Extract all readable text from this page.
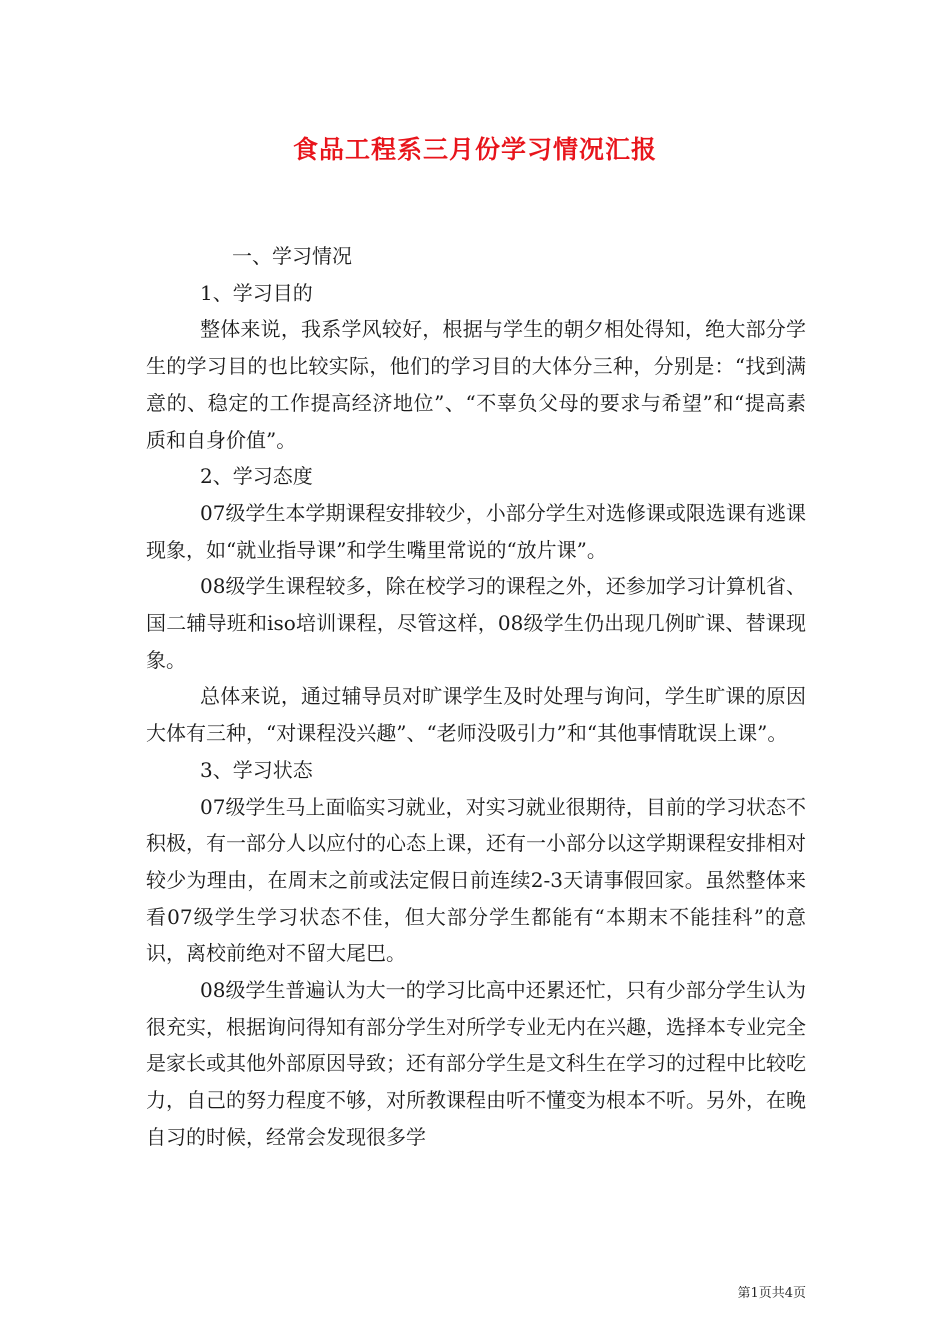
食品工程系三月份学习情况汇报

一、学习情况

1、学习目的

整体来说，我系学风较好，根据与学生的朝夕相处得知，绝大部分学生的学习目的也比较实际，他们的学习目的大体分三种，分别是：“找到满意的、稳定的工作提高经济地位”、“不辜负父母的要求与希望”和“提高素质和自身价值”。

2、学习态度

07级学生本学期课程安排较少，小部分学生对选修课或限选课有逃课现象，如“就业指导课”和学生嘴里常说的“放片课”。

08级学生课程较多，除在校学习的课程之外，还参加学习计算机省、国二辅导班和iso培训课程，尽管这样，08级学生仍出现几例旷课、替课现象。

总体来说，通过辅导员对旷课学生及时处理与询问，学生旷课的原因大体有三种，“对课程没兴趣”、“老师没吸引力”和“其他事情耽误上课”。

3、学习状态

07级学生马上面临实习就业，对实习就业很期待，目前的学习状态不积极，有一部分人以应付的心态上课，还有一小部分以这学期课程安排相对较少为理由，在周末之前或法定假日前连续2-3天请事假回家。虽然整体来看07级学生学习状态不佳，但大部分学生都能有“本期末不能挂科”的意识，离校前绝对不留大尾巴。

08级学生普遍认为大一的学习比高中还累还忙，只有少部分学生认为很充实，根据询问得知有部分学生对所学专业无内在兴趣，选择本专业完全是家长或其他外部原因导致；还有部分学生是文科生在学习的过程中比较吃力，自己的努力程度不够，对所教课程由听不懂变为根本不听。另外，在晚自习的时候，经常会发现很多学

第1页共4页
